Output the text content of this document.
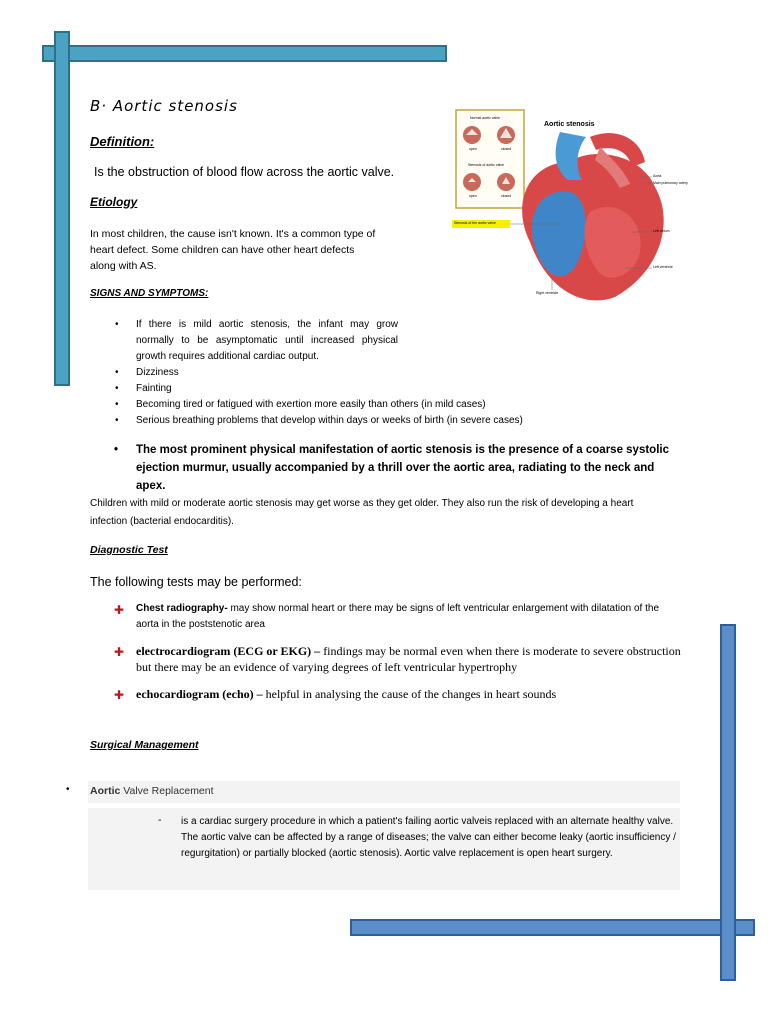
B· Aortic stenosis
Definition:
Is the obstruction of blood flow across the aortic valve.
Etiology
In most children, the cause isn't known. It's a common type of
heart defect. Some children can have other heart defects
along with AS.
SIGNS AND SYMPTOMS:
• If there is mild aortic stenosis, the infant may grow normally to be asymptomatic until increased physical growth requires additional cardiac output.
• Dizziness
• Fainting
• Becoming tired or fatigued with exertion more easily than others (in mild cases)
• Serious breathing problems that develop within days or weeks of birth (in severe cases)
• The most prominent physical manifestation of aortic stenosis is the presence of a coarse systolic ejection murmur, usually accompanied by a thrill over the aortic area, radiating to the neck and apex.
Children with mild or moderate aortic stenosis may get worse as they get older. They also run the risk of developing a heart infection (bacterial endocarditis).
Diagnostic Test
The following tests may be performed:
✚ Chest radiography- may show normal heart or there may be signs of left ventricular enlargement with dilatation of the aorta in the poststenotic area
✚ electrocardiogram (ECG or EKG) – findings may be normal even when there is moderate to severe obstruction but there may be an evidence of varying degrees of left ventricular hypertrophy
✚ echocardiogram (echo) – helpful in analysing the cause of the changes in heart sounds
Surgical Management
• Aortic Valve Replacement
- is a cardiac surgery procedure in which a patient's failing aortic valveis replaced with an alternate healthy valve. The aortic valve can be affected by a range of diseases; the valve can either become leaky (aortic insufficiency / regurgitation) or partially blocked (aortic stenosis). Aortic valve replacement is open heart surgery.
Aortic stenosis
Normal aortic valve
Stenosis of aortic valve
open	closed
open	closed
Aorta
Main pulmonary artery
Stenosis of the aortic valve
Left atrium
Left ventricle
Right ventricle
